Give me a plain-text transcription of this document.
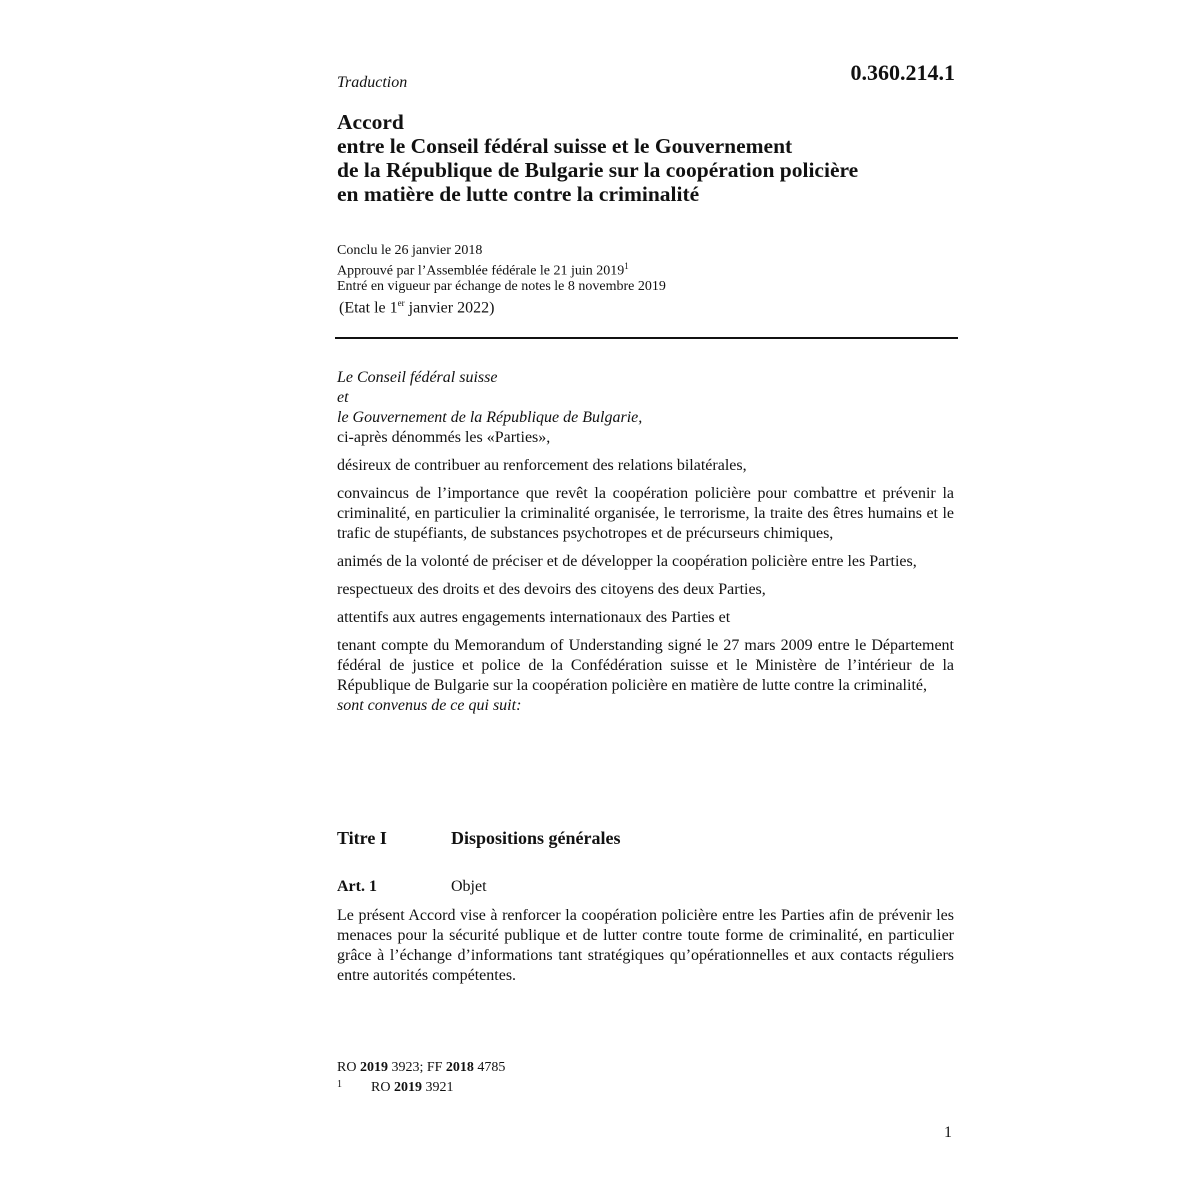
0.360.214.1
Traduction
Accord
entre le Conseil fédéral suisse et le Gouvernement
de la République de Bulgarie sur la coopération policière
en matière de lutte contre la criminalité
Conclu le 26 janvier 2018
Approuvé par l’Assemblée fédérale le 21 juin 2019$^1$
Entré en vigueur par échange de notes le 8 novembre 2019
(Etat le 1er janvier 2022)

Le Conseil fédéral suisse

et

le Gouvernement de la République de Bulgarie,

ci-après dénommés les «Parties»,

désireux de contribuer au renforcement des relations bilatérales,

convaincus de l’importance que revêt la coopération policière pour combattre et prévenir la criminalité, en particulier la criminalité organisée, le terrorisme, la traite des êtres humains et le trafic de stupéfiants, de substances psychotropes et de précurseurs chimiques,

animés de la volonté de préciser et de développer la coopération policière entre les Parties,

respectueux des droits et des devoirs des citoyens des deux Parties,

attentifs aux autres engagements internationaux des Parties et

tenant compte du Memorandum of Understanding signé le 27 mars 2009 entre le Département fédéral de justice et police de la Confédération suisse et le Ministère de l’intérieur de la République de Bulgarie sur la coopération policière en matière de lutte contre la criminalité,

sont convenus de ce qui suit:

Titre I	Dispositions générales
Art. 1	Objet
Le présent Accord vise à renforcer la coopération policière entre les Parties afin de prévenir les menaces pour la sécurité publique et de lutter contre toute forme de criminalité, en particulier grâce à l’échange d’informations tant stratégiques qu’opérationnelles et aux contacts réguliers entre autorités compétentes.
RO 2019 3923; FF 2018 4785
1 RO 2019 3921
1
